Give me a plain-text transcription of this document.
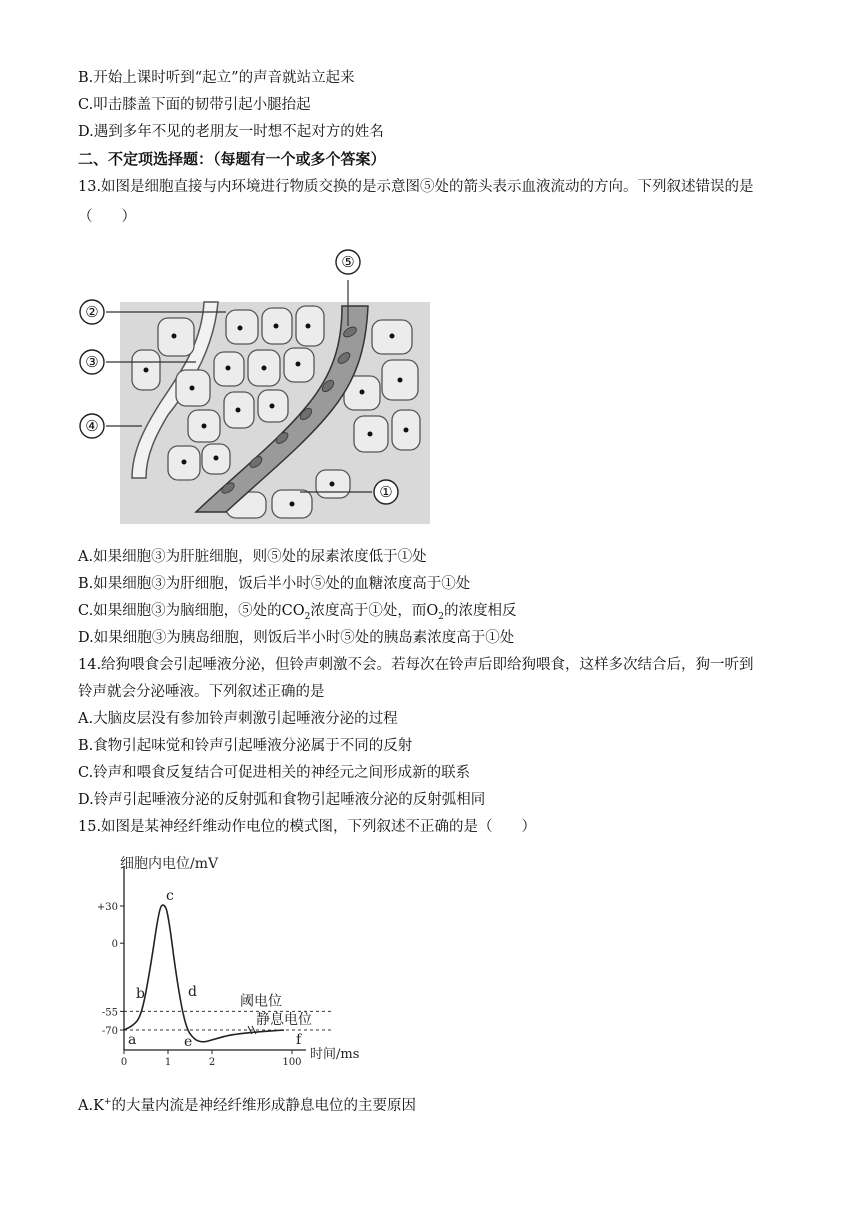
B.开始上课时听到“起立”的声音就站立起来
C.叩击膝盖下面的韧带引起小腿抬起
D.遇到多年不见的老朋友一时想不起对方的姓名
二、不定项选择题：（每题有一个或多个答案）
13.如图是细胞直接与内环境进行物质交换的是示意图⑤处的箭头表示血液流动的方向。下列叙述错误的是
（　　）
②
③
④
⑤
①
A.如果细胞③为肝脏细胞，则⑤处的尿素浓度低于①处
B.如果细胞③为肝细胞，饭后半小时⑤处的血糖浓度高于①处
C.如果细胞③为脑细胞，⑤处的$CO_2$浓度高于①处，而$O_2$的浓度相反
D.如果细胞③为胰岛细胞，则饭后半小时⑤处的胰岛素浓度高于①处
14.给狗喂食会引起唾液分泌，但铃声刺激不会。若每次在铃声后即给狗喂食，这样多次结合后，狗一听到
铃声就会分泌唾液。下列叙述正确的是
A.大脑皮层没有参加铃声刺激引起唾液分泌的过程
B.食物引起味觉和铃声引起唾液分泌属于不同的反射
C.铃声和喂食反复结合可促进相关的神经元之间形成新的联系
D.铃声引起唾液分泌的反射弧和食物引起唾液分泌的反射弧相同
15.如图是某神经纤维动作电位的模式图，下列叙述不正确的是（　　）
细胞内电位/mV
时间/ms
+30
0
-55
-70
0	1	2	100
阈电位
静息电位
a
b
c
d
e	f
A.K+的大量内流是神经纤维形成静息电位的主要原因
